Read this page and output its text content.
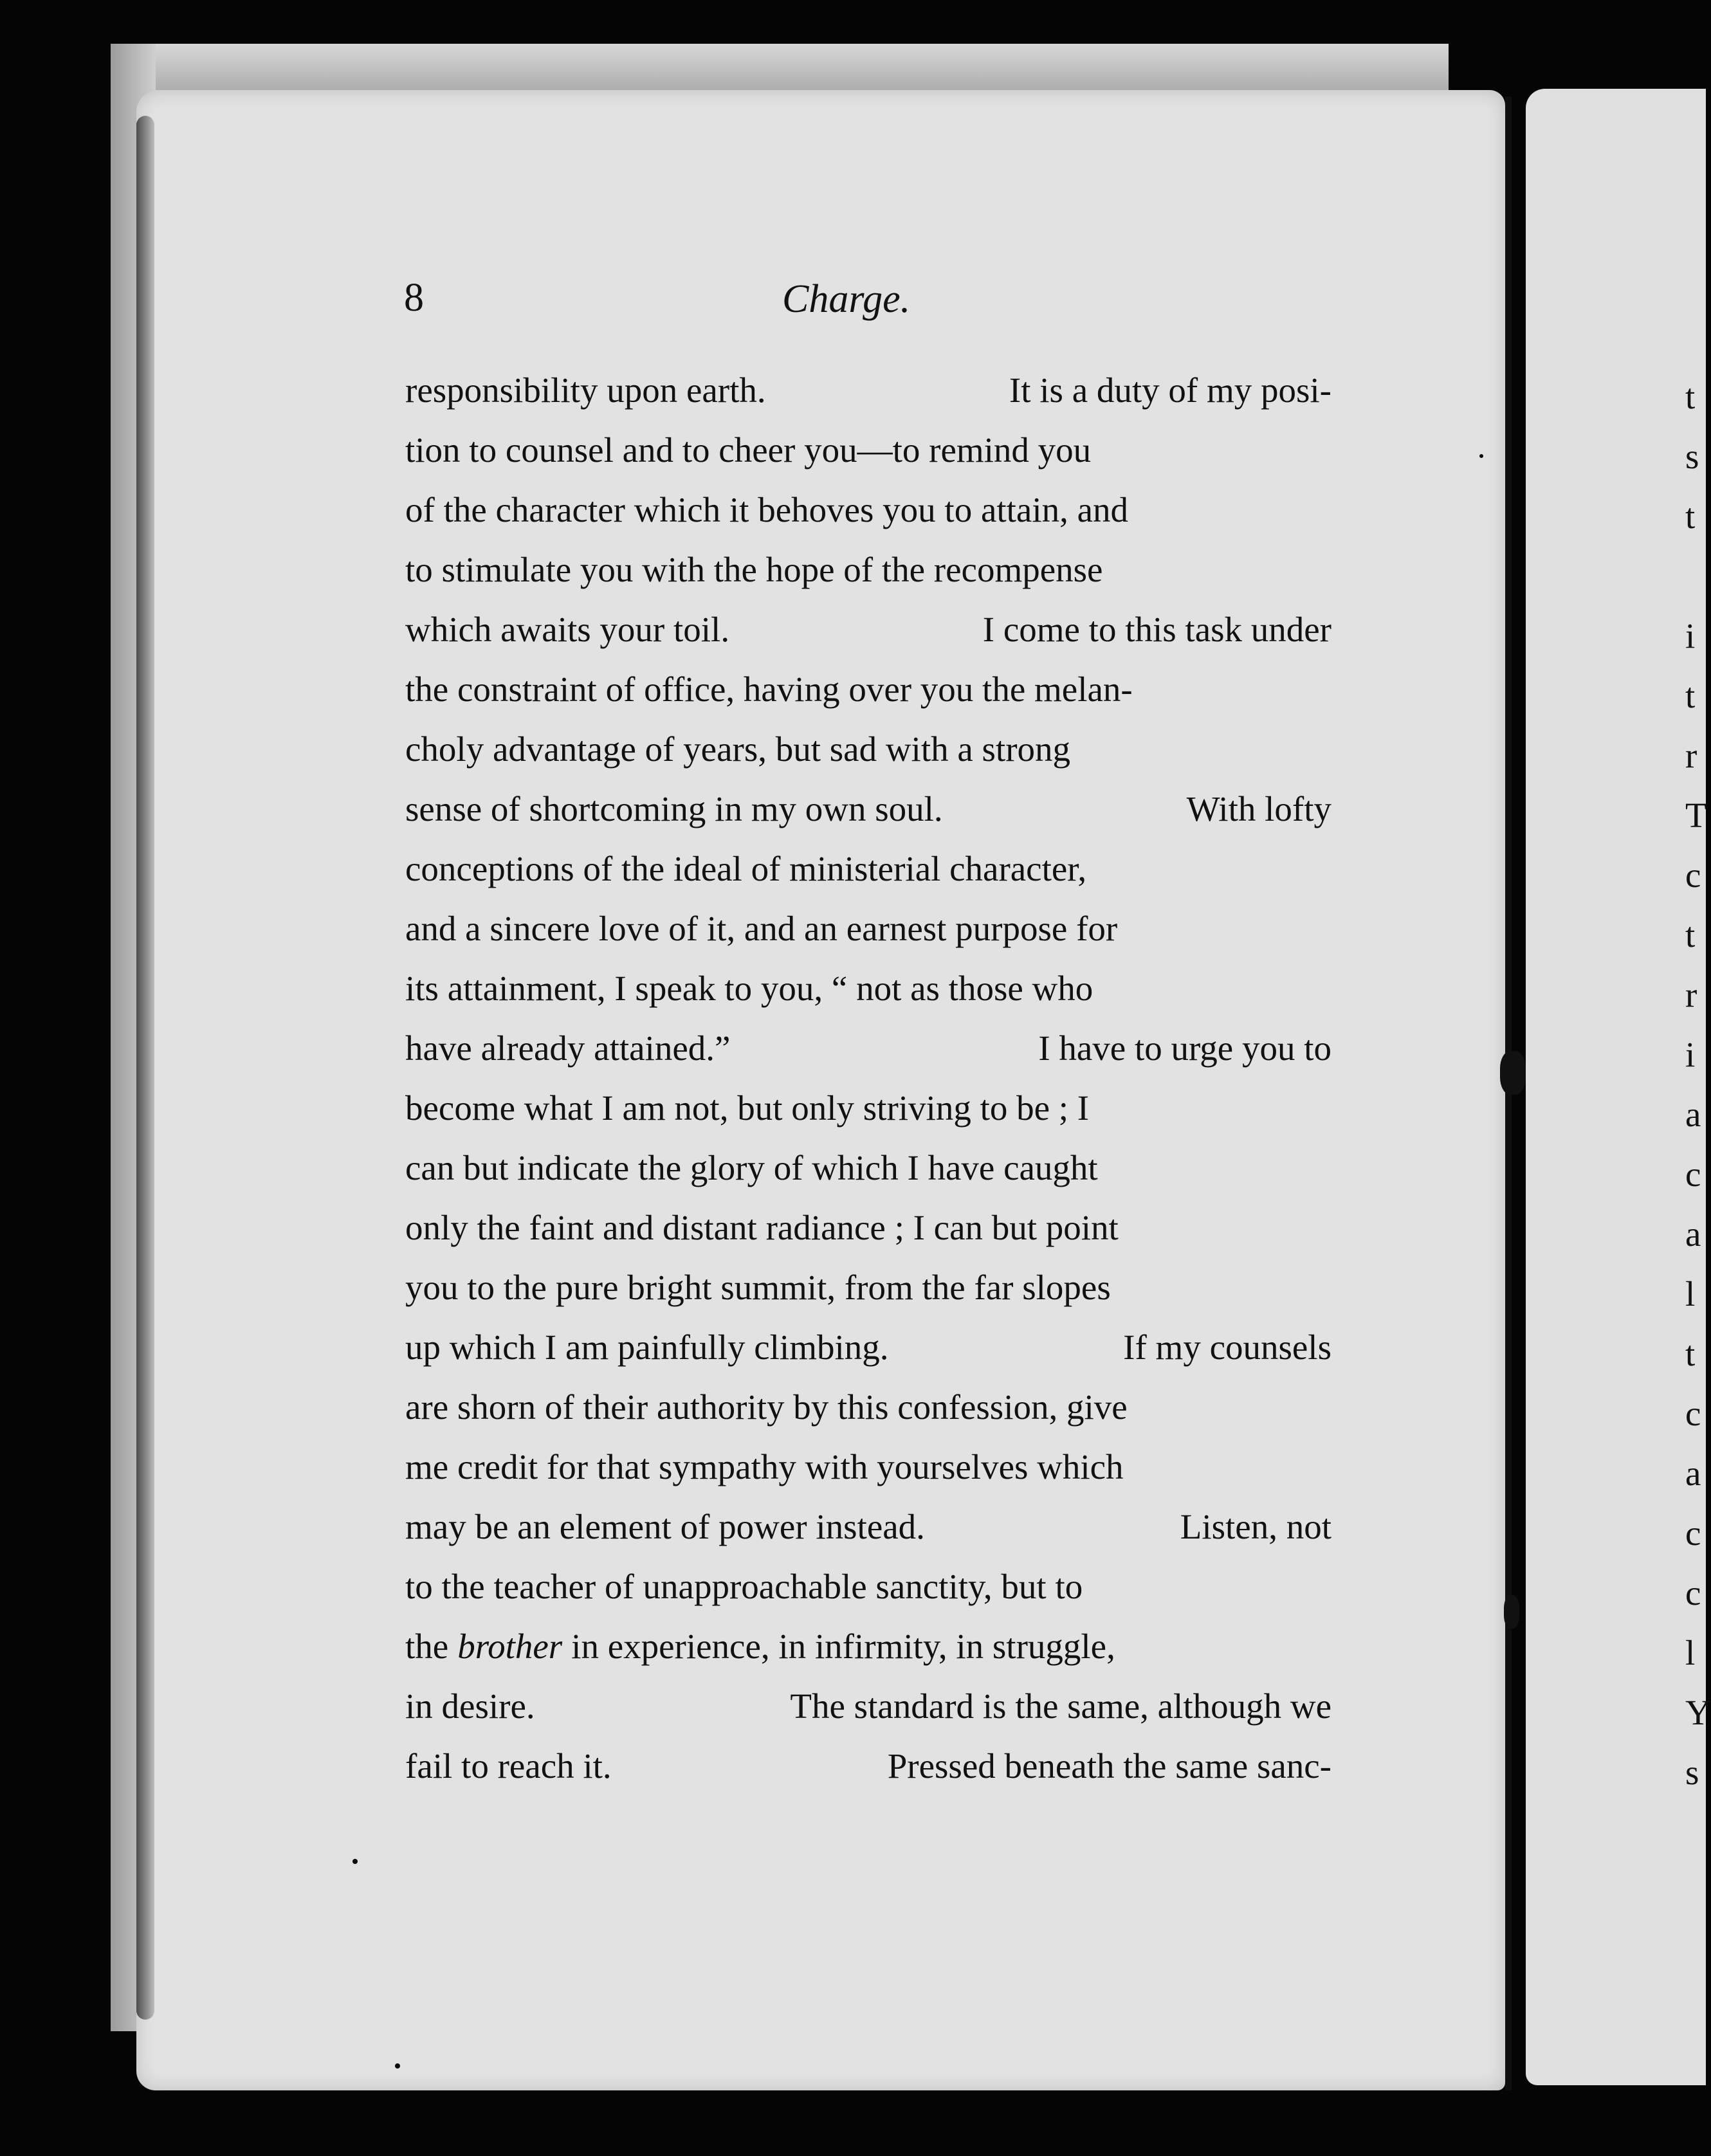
8	Charge.
responsibility upon earth.	It is a duty of my posi-
tion to counsel and to cheer you—to remind you
of the character which it behoves you to attain, and
to stimulate you with the hope of the recompense
which awaits your toil.	I come to this task under
the constraint of office, having over you the melan-
choly advantage of years, but sad with a strong
sense of shortcoming in my own soul.	With lofty
conceptions of the ideal of ministerial character,
and a sincere love of it, and an earnest purpose for
its attainment, I speak to you, “ not as those who
have already attained.”	I have to urge you to
become what I am not, but only striving to be ; I
can but indicate the glory of which I have caught
only the faint and distant radiance ; I can but point
you to the pure bright summit, from the far slopes
up which I am painfully climbing.	If my counsels
are shorn of their authority by this confession, give
me credit for that sympathy with yourselves which
may be an element of power instead.	Listen, not
to the teacher of unapproachable sanctity, but to
the brother in experience, in infirmity, in struggle,
in desire.	The standard is the same, although we
fail to reach it.	Pressed beneath the same sanc-
t
s
t
i
t
r
T
c
t
r
i
a
c
a
l
t
c
a
c
c
l
Y
s
